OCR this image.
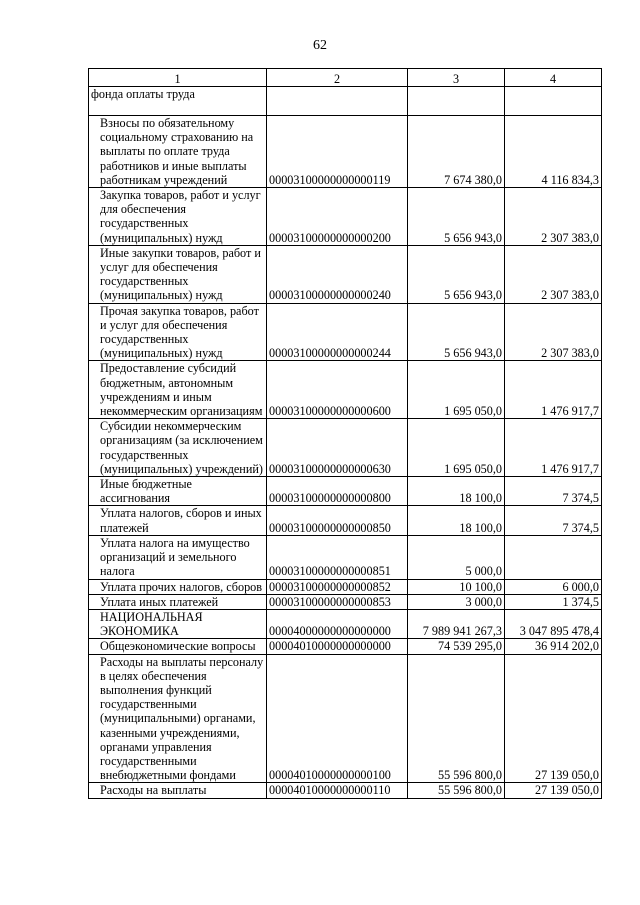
62
1	2	3	4
фонда оплаты труда			

Взносы по обязательному социальному страхованию на выплаты по оплате труда работников и иные выплаты работникам учреждений	00003100000000000119	7 674 380,0	4 116 834,3

Закупка товаров, работ и услуг для обеспечения государственных (муниципальных) нужд	00003100000000000200	5 656 943,0	2 307 383,0

Иные закупки товаров, работ и услуг для обеспечения государственных (муниципальных) нужд	00003100000000000240	5 656 943,0	2 307 383,0

Прочая закупка товаров, работ и услуг для обеспечения государственных (муниципальных) нужд	00003100000000000244	5 656 943,0	2 307 383,0

Предоставление субсидий бюджетным, автономным учреждениям и иным некоммерческим организациям	00003100000000000600	1 695 050,0	1 476 917,7

Субсидии некоммерческим организациям (за исключением государственных (муниципальных) учреждений)	00003100000000000630	1 695 050,0	1 476 917,7

Иные бюджетные ассигнования	00003100000000000800	18 100,0	7 374,5

Уплата налогов, сборов и иных платежей	00003100000000000850	18 100,0	7 374,5

Уплата налога на имущество организаций и земельного налога	00003100000000000851	5 000,0	

Уплата прочих налогов, сборов	00003100000000000852	10 100,0	6 000,0

Уплата иных платежей	00003100000000000853	3 000,0	1 374,5

НАЦИОНАЛЬНАЯ ЭКОНОМИКА	00004000000000000000	7 989 941 267,3	3 047 895 478,4

Общеэкономические вопросы	00004010000000000000	74 539 295,0	36 914 202,0

Расходы на выплаты персоналу в целях обеспечения выполнения функций государственными (муниципальными) органами, казенными учреждениями, органами управления государственными внебюджетными фондами	00004010000000000100	55 596 800,0	27 139 050,0

Расходы на выплаты	00004010000000000110	55 596 800,0	27 139 050,0
